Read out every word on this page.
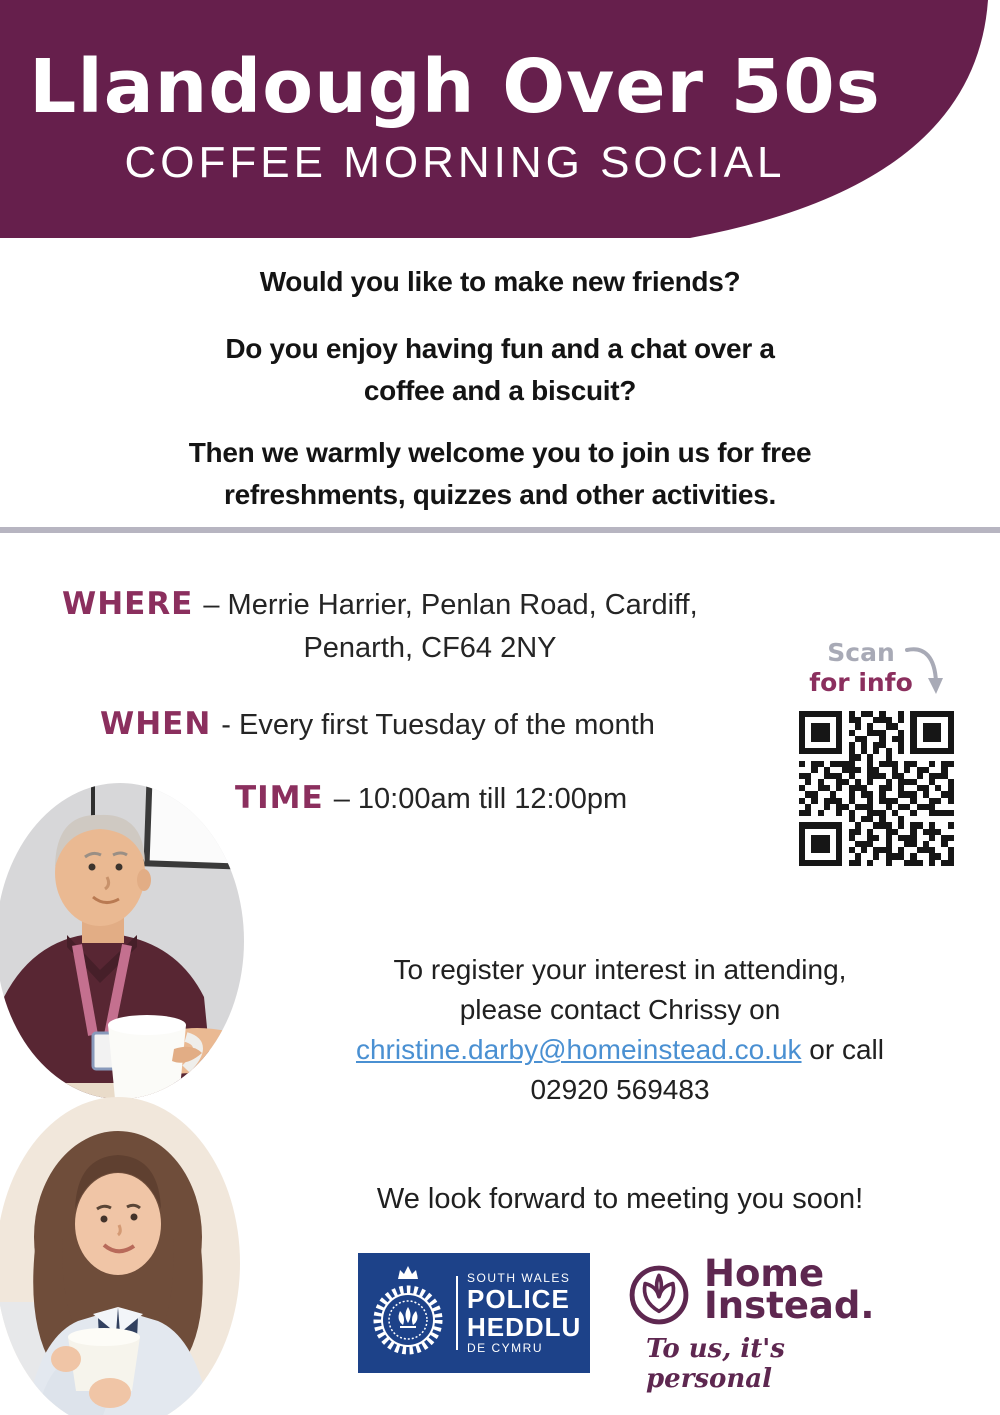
Llandough Over 50s
COFFEE MORNING SOCIAL
Would you like to make new friends?
Do you enjoy having fun and a chat over a
coffee and a biscuit?
Then we warmly welcome you to join us for free
refreshments, quizzes and other activities.
WHERE – Merrie Harrier, Penlan Road, Cardiff,
Penarth, CF64 2NY
WHEN - Every first Tuesday of the month
TIME – 10:00am till 12:00pm
Scan
for info
To register your interest in attending,
please contact Chrissy on
christine.darby@homeinstead.co.uk or call
02920 569483
We look forward to meeting you soon!
SOUTH WALES
POLICE
HEDDLU
DE CYMRU
Home
Instead.
To us, it's personal
